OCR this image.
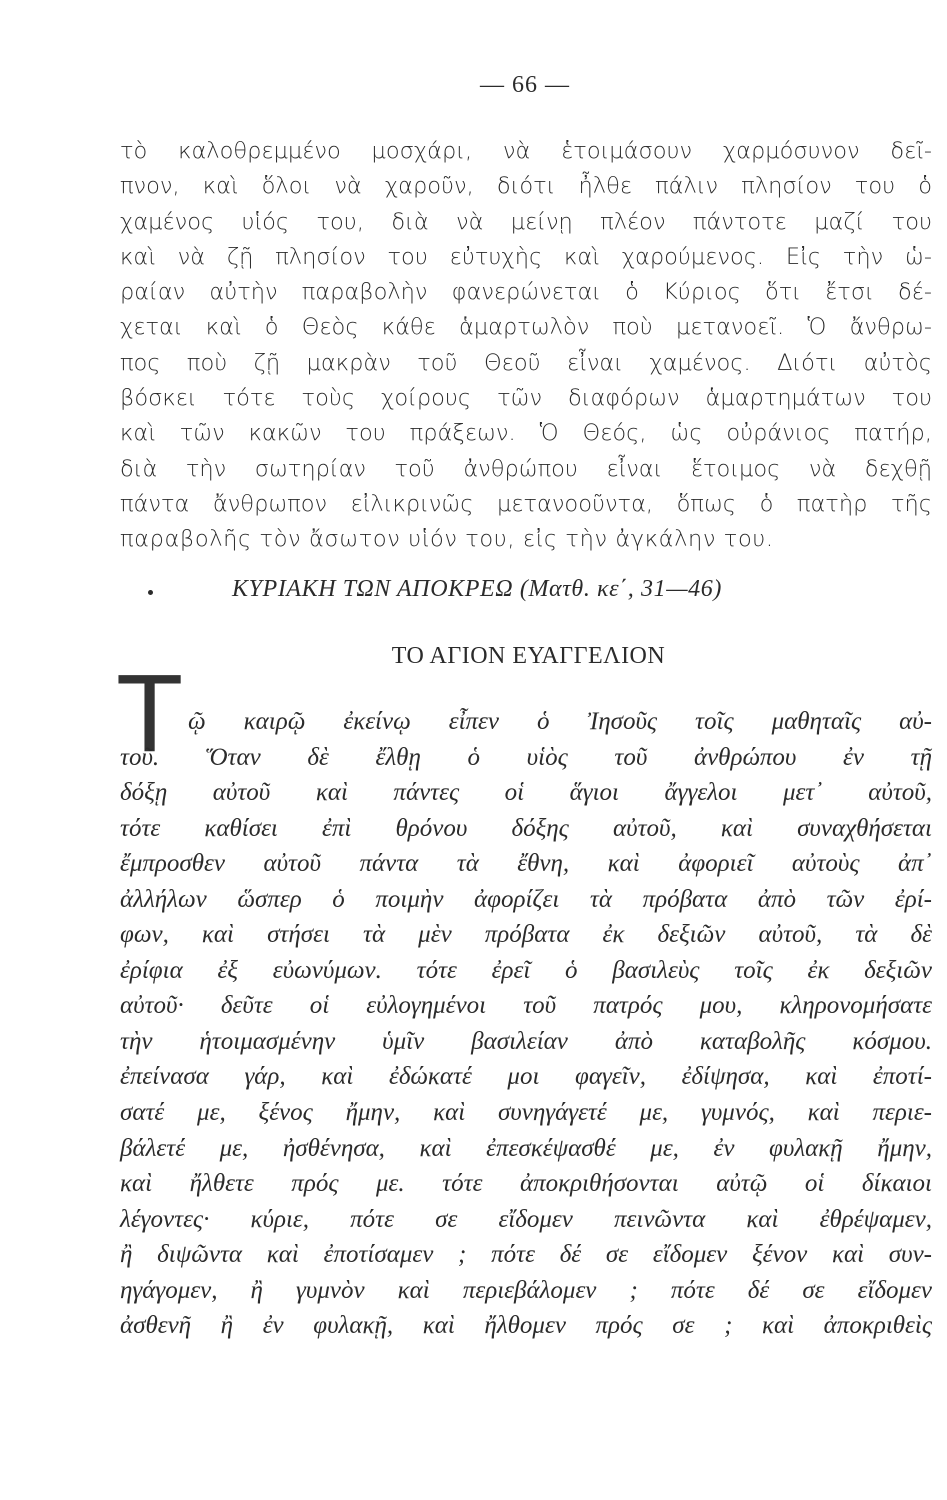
— 66 —
τὸ καλοθρεμμένο μοσχάρι, νὰ ἑτοιμάσουν χαρμόσυνον δεῖ-
πνον, καὶ ὅλοι νὰ χαροῦν, διότι ἦλθε πάλιν πλησίον του ὁ
χαμένος υἱός του, διὰ νὰ μείνῃ πλέον πάντοτε μαζί του
καὶ νὰ ζῇ πλησίον του εὐτυχὴς καὶ χαρούμενος. Εἰς τὴν ὡ-
ραίαν αὐτὴν παραβολὴν φανερώνεται ὁ Κύριος ὅτι ἔτσι δέ-
χεται καὶ ὁ Θεὸς κάθε ἁμαρτωλὸν ποὺ μετανοεῖ. Ὁ ἄνθρω-
πος ποὺ ζῇ μακρὰν τοῦ Θεοῦ εἶναι χαμένος. Διότι αὐτὸς
βόσκει τότε τοὺς χοίρους τῶν διαφόρων ἁμαρτημάτων του
καὶ τῶν κακῶν του πράξεων. Ὁ Θεός, ὡς οὐράνιος πατήρ,
διὰ τὴν σωτηρίαν τοῦ ἀνθρώπου εἶναι ἕτοιμος νὰ δεχθῇ
πάντα ἄνθρωπον εἰλικρινῶς μετανοοῦντα, ὅπως ὁ πατὴρ τῆς
παραβολῆς τὸν ἄσωτον υἱόν του, εἰς τὴν ἀγκάλην του.
ΚΥΡΙΑΚΗ ΤΩΝ ΑΠΟΚΡΕΩ (Ματθ. κε΄, 31—46)
ΤΟ ΑΓΙΟΝ ΕΥΑΓΓΕΛΙΟΝ
Τ ῷ καιρῷ ἐκείνῳ εἶπεν ὁ Ἰησοῦς τοῖς μαθηταῖς αὐ-
τοῦ. Ὅταν δὲ ἔλθῃ ὁ υἱὸς τοῦ ἀνθρώπου ἐν τῇ
δόξῃ αὐτοῦ καὶ πάντες οἱ ἅγιοι ἄγγελοι μετ᾿ αὐτοῦ,
τότε καθίσει ἐπὶ θρόνου δόξης αὐτοῦ, καὶ συναχθήσεται
ἔμπροσθεν αὐτοῦ πάντα τὰ ἔθνη, καὶ ἀφοριεῖ αὐτοὺς ἀπ᾿
ἀλλήλων ὥσπερ ὁ ποιμὴν ἀφορίζει τὰ πρόβατα ἀπὸ τῶν ἐρί-
φων, καὶ στήσει τὰ μὲν πρόβατα ἐκ δεξιῶν αὐτοῦ, τὰ δὲ
ἐρίφια ἐξ εὐωνύμων. τότε ἐρεῖ ὁ βασιλεὺς τοῖς ἐκ δεξιῶν
αὐτοῦ· δεῦτε οἱ εὐλογημένοι τοῦ πατρός μου, κληρονομήσατε
τὴν ἡτοιμασμένην ὑμῖν βασιλείαν ἀπὸ καταβολῆς κόσμου.
ἐπείνασα γάρ, καὶ ἐδώκατέ μοι φαγεῖν, ἐδίψησα, καὶ ἐποτί-
σατέ με, ξένος ἤμην, καὶ συνηγάγετέ με, γυμνός, καὶ περιε-
βάλετέ με, ἠσθένησα, καὶ ἐπεσκέψασθέ με, ἐν φυλακῇ ἤμην,
καὶ ἤλθετε πρός με. τότε ἀποκριθήσονται αὐτῷ οἱ δίκαιοι
λέγοντες· κύριε, πότε σε εἴδομεν πεινῶντα καὶ ἐθρέψαμεν,
ἢ διψῶντα καὶ ἐποτίσαμεν ; πότε δέ σε εἴδομεν ξένον καὶ συν-
ηγάγομεν, ἢ γυμνὸν καὶ περιεβάλομεν ; πότε δέ σε εἴδομεν
ἀσθενῆ ἢ ἐν φυλακῇ, καὶ ἤλθομεν πρός σε ; καὶ ἀποκριθεὶς
